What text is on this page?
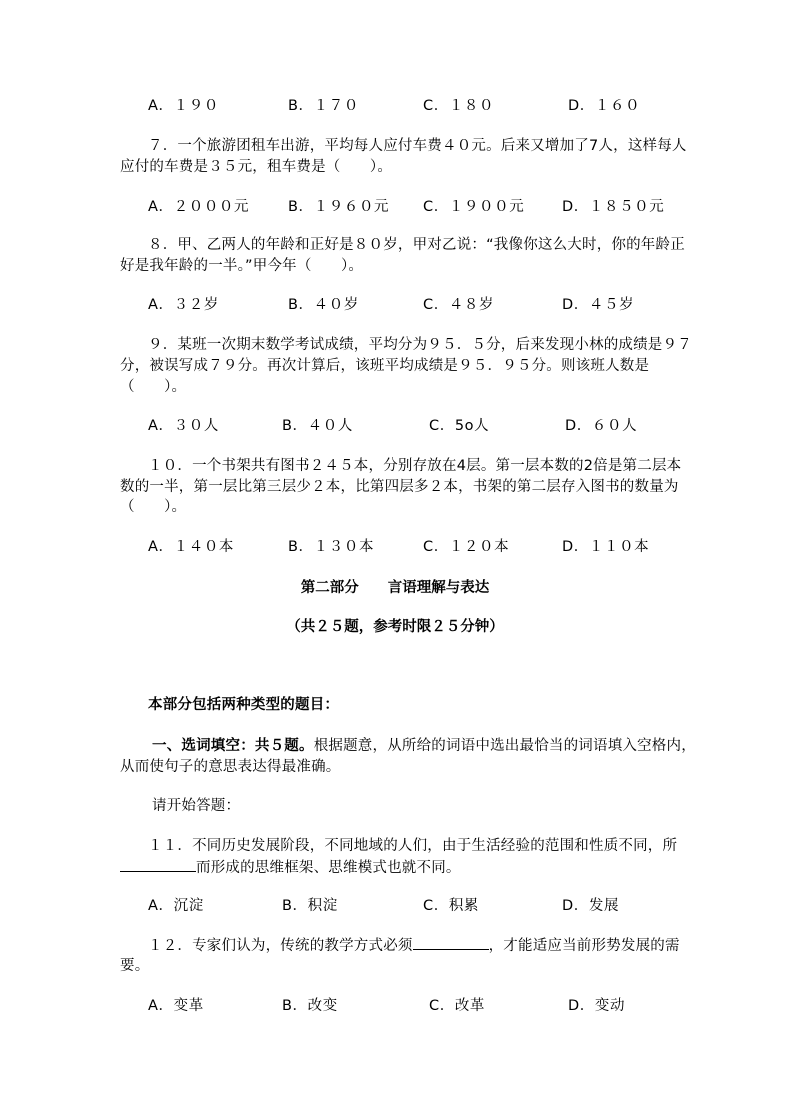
A．１９０	B．１７０	C．１８０	D．１６０
７．一个旅游团租车出游，平均每人应付车费４０元。后来又增加了7人，这样每人
应付的车费是３５元，租车费是（　　）。
A．２０００元	B．１９６０元 C．１９００元	D．１８５０元
８．甲、乙两人的年龄和正好是８０岁，甲对乙说：“我像你这么大时，你的年龄正
好是我年龄的一半。”甲今年（　　）。
A．３２岁	B．４０岁	C．４８岁	D．４５岁
９．某班一次期末数学考试成绩，平均分为９５．５分，后来发现小林的成绩是９７
分，被误写成７９分。再次计算后，该班平均成绩是９５．９５分。则该班人数是
（　　）。
A．３０人	B．４０人	C．5o人	D．６０人
１０．一个书架共有图书２４５本，分别存放在4层。第一层本数的2倍是第二层本
数的一半，第一层比第三层少２本，比第四层多２本，书架的第二层存入图书的数量为
（　　）。
A．１４０本	B．１３０本	C．１２０本	D．１１０本
第二部分　　言语理解与表达
（共２５题，参考时限２５分钟）
本部分包括两种类型的题目：
一、选词填空：共５题。根据题意，从所给的词语中选出最恰当的词语填入空格内，
从而使句子的意思表达得最准确。
请开始答题：
１１．不同历史发展阶段，不同地域的人们，由于生活经验的范围和性质不同，所
而形成的思维框架、思维模式也就不同。
A．沉淀	B．积淀	C．积累	D．发展
１２．专家们认为，传统的教学方式必须	，才能适应当前形势发展的需
要。
A．变革	B．改变	C．改革	D．变动
